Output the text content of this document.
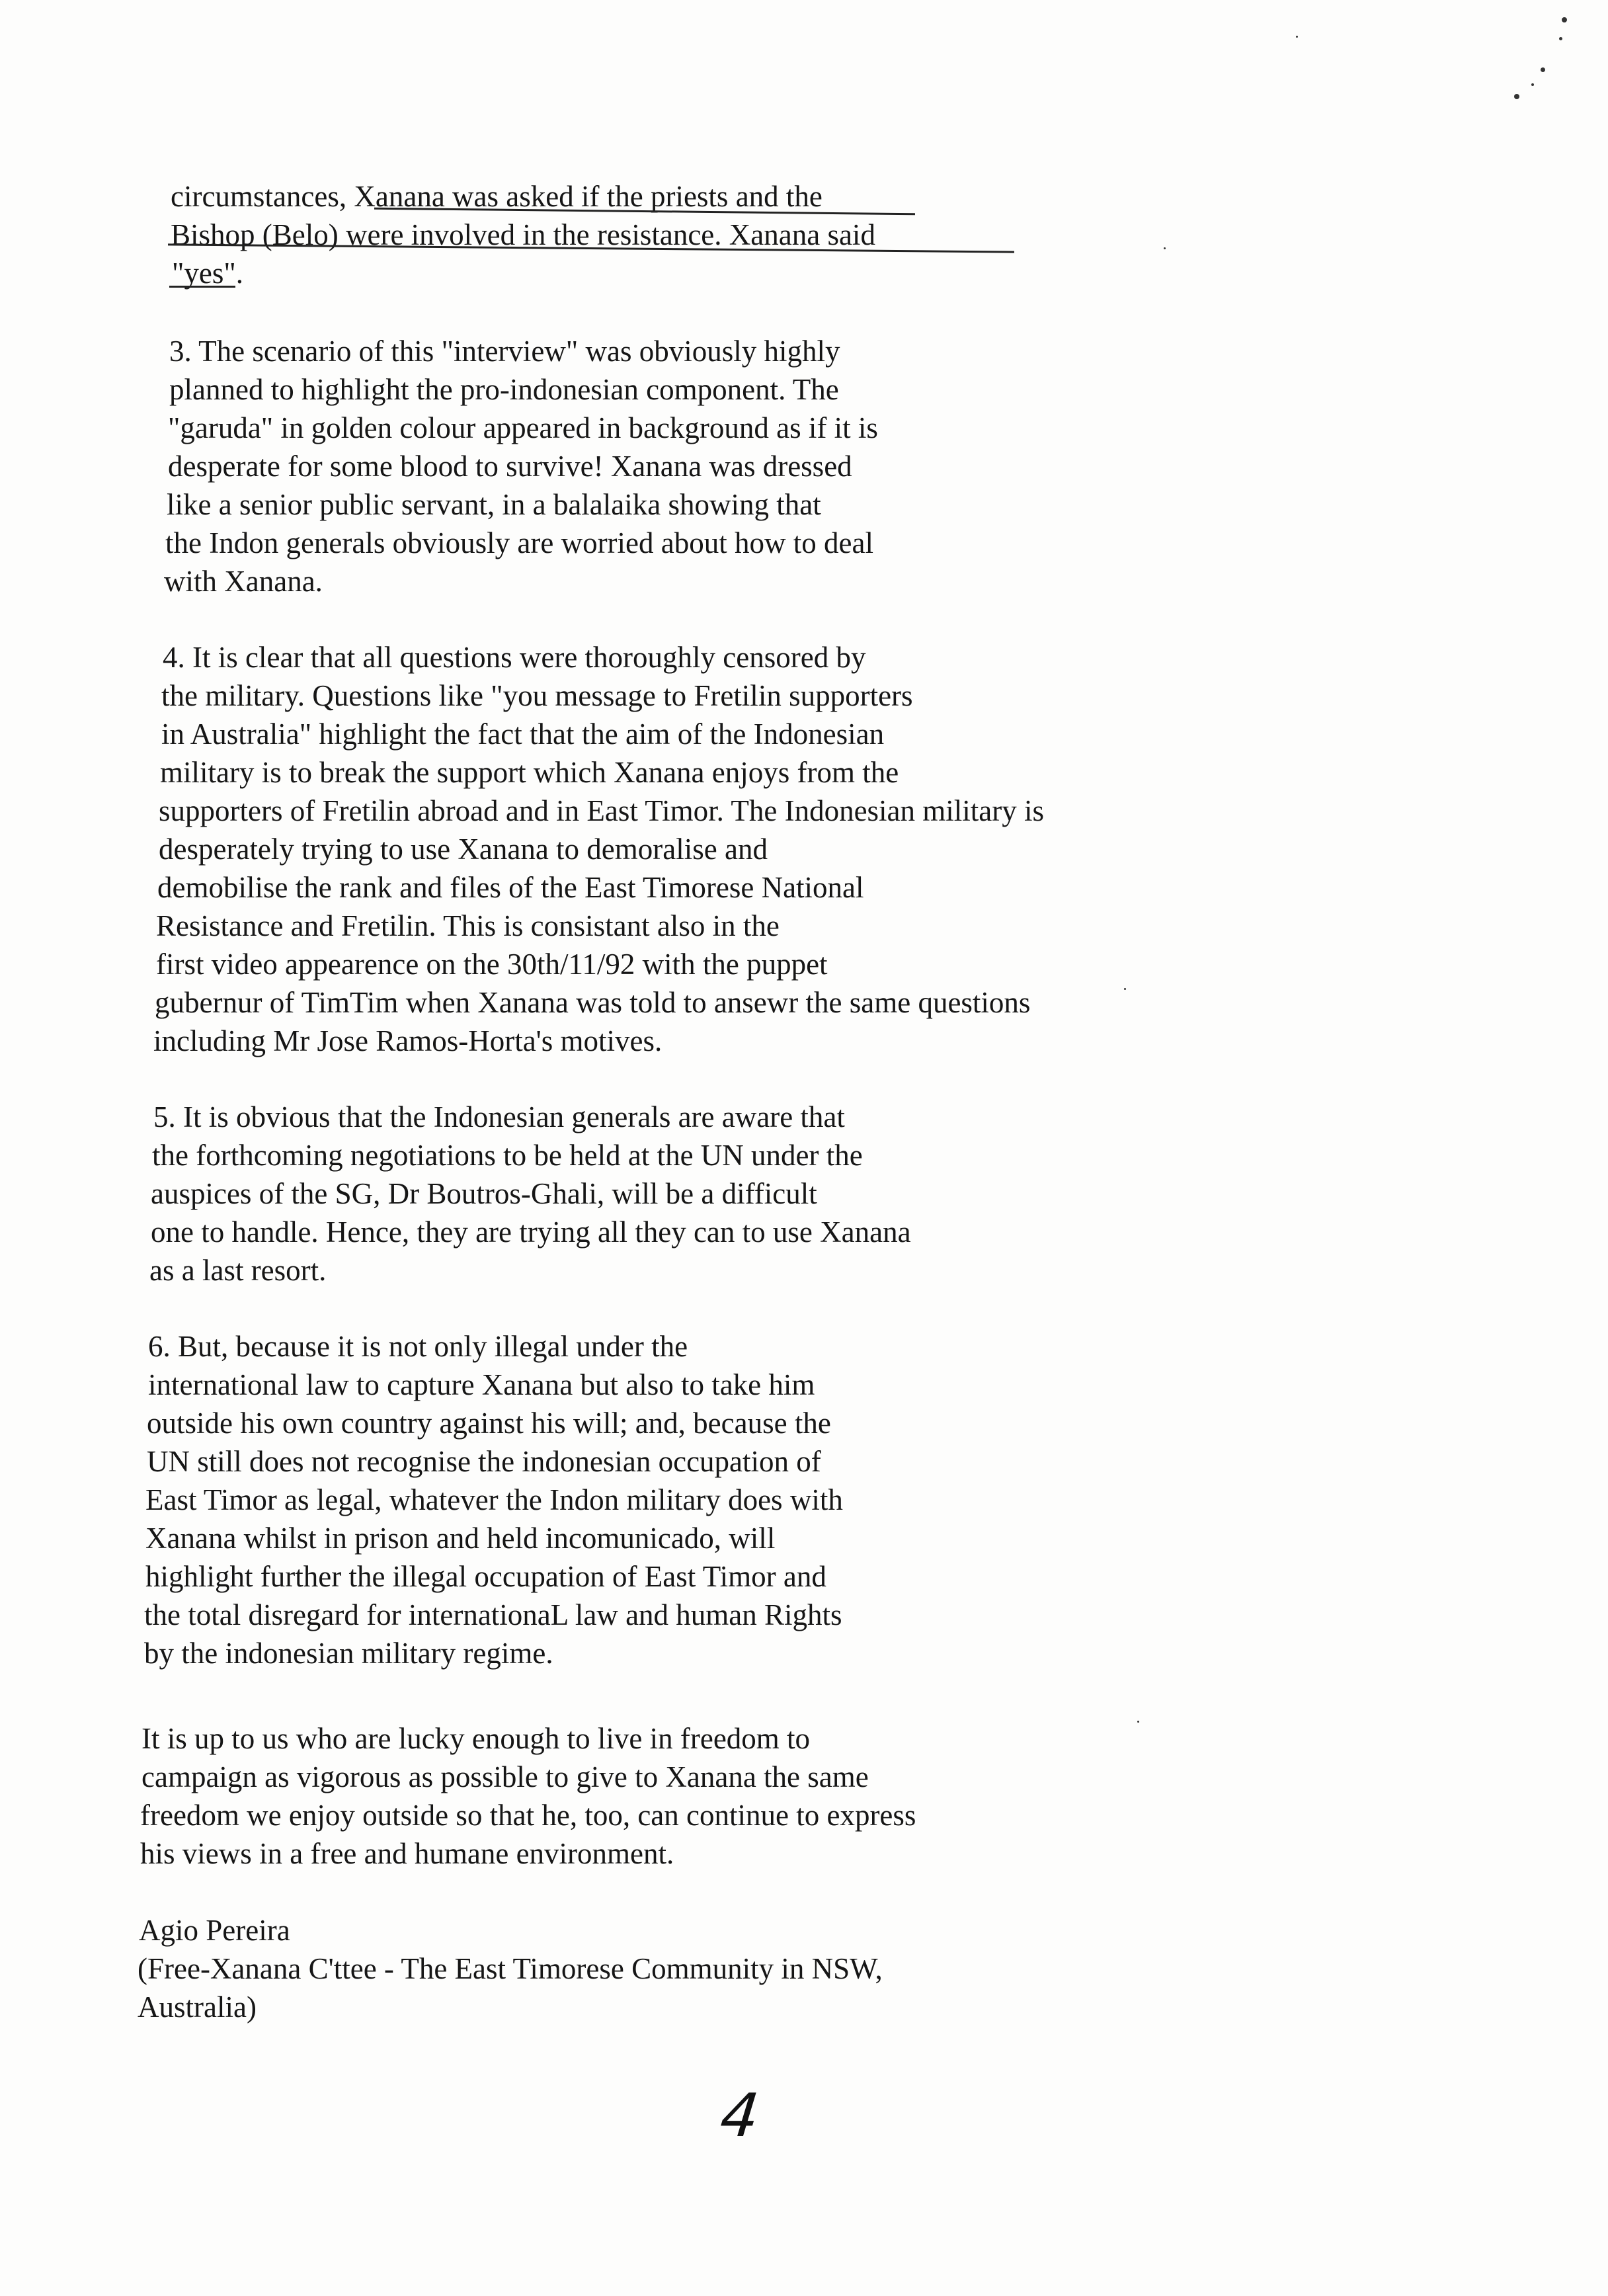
circumstances, Xanana was asked if the priests and the
Bishop (Belo) were involved in the resistance. Xanana said
"yes".
3. The scenario of this "interview" was obviously highly
planned to highlight the pro-indonesian component. The
"garuda" in golden colour appeared in background as if it is
desperate for some blood to survive! Xanana was dressed
like a senior public servant, in a balalaika showing that
the Indon generals obviously are worried about how to deal
with Xanana.
4. It is clear that all questions were thoroughly censored by
the military. Questions like "you message to Fretilin supporters
in Australia" highlight the fact that the aim of the Indonesian
military is to break the support which Xanana enjoys from the
supporters of Fretilin abroad and in East Timor. The Indonesian military is
desperately trying to use Xanana to demoralise and
demobilise the rank and files of the East Timorese National
Resistance and Fretilin. This is consistant also in the
first video appearence on the 30th/11/92 with the puppet
gubernur of TimTim when Xanana was told to ansewr the same questions
including Mr Jose Ramos-Horta's motives.
5. It is obvious that the Indonesian generals are aware that
the forthcoming negotiations to be held at the UN under the
auspices of the SG, Dr Boutros-Ghali, will be a difficult
one to handle. Hence, they are trying all they can to use Xanana
as a last resort.
6. But, because it is not only illegal under the
international law to capture Xanana but also to take him
outside his own country against his will; and, because the
UN still does not recognise the indonesian occupation of
East Timor as legal, whatever the Indon military does with
Xanana whilst in prison and held incomunicado, will
highlight further the illegal occupation of East Timor and
the total disregard for internationaL law and human Rights
by the indonesian military regime.
It is up to us who are lucky enough to live in freedom to
campaign as vigorous as possible to give to Xanana the same
freedom we enjoy outside so that he, too, can continue to express
his views in a free and humane environment.
Agio Pereira
(Free-Xanana C'ttee - The East Timorese Community in NSW,
Australia)
4
